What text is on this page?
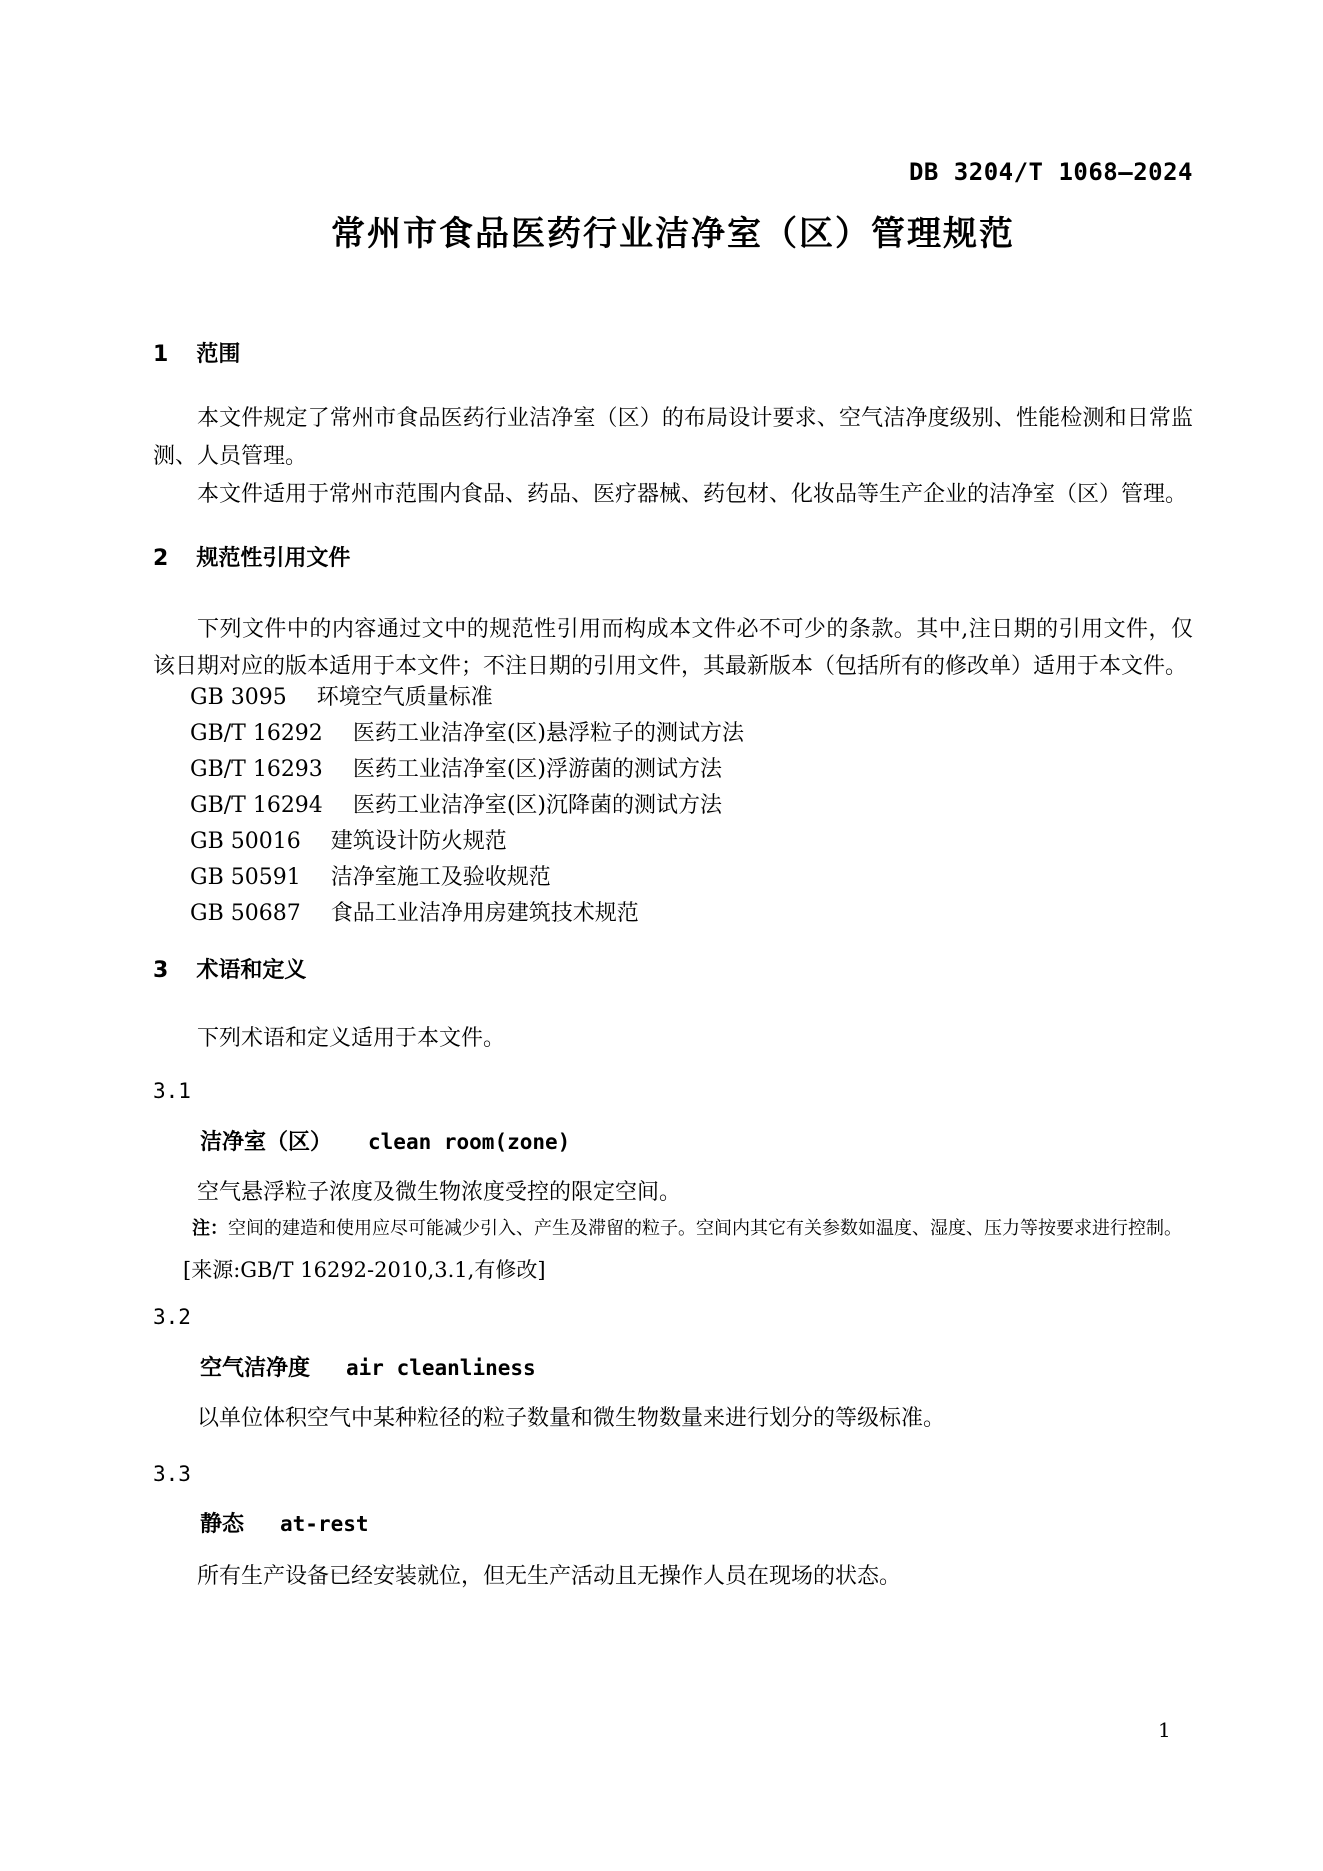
DB 3204/T 1068—2024
常州市食品医药行业洁净室（区）管理规范
1 范围

本文件规定了常州市食品医药行业洁净室（区）的布局设计要求、空气洁净度级别、性能检测和日常监测、人员管理。

本文件适用于常州市范围内食品、药品、医疗器械、药包材、化妆品等生产企业的洁净室（区）管理。

2 规范性引用文件

下列文件中的内容通过文中的规范性引用而构成本文件必不可少的条款。其中,注日期的引用文件，仅该日期对应的版本适用于本文件；不注日期的引用文件，其最新版本（包括所有的修改单）适用于本文件。

GB 3095 环境空气质量标准
GB/T 16292 医药工业洁净室(区)悬浮粒子的测试方法
GB/T 16293 医药工业洁净室(区)浮游菌的测试方法
GB/T 16294 医药工业洁净室(区)沉降菌的测试方法
GB 50016 建筑设计防火规范
GB 50591 洁净室施工及验收规范
GB 50687 食品工业洁净用房建筑技术规范
3 术语和定义

下列术语和定义适用于本文件。

3.1
洁净室（区） clean room(zone)

空气悬浮粒子浓度及微生物浓度受控的限定空间。

注：空间的建造和使用应尽可能减少引入、产生及滞留的粒子。空间内其它有关参数如温度、湿度、压力等按要求进行控制。
[来源:GB/T 16292-2010,3.1,有修改]
3.2
空气洁净度 air cleanliness

以单位体积空气中某种粒径的粒子数量和微生物数量来进行划分的等级标准。

3.3
静态 at-rest

所有生产设备已经安装就位，但无生产活动且无操作人员在现场的状态。

1
